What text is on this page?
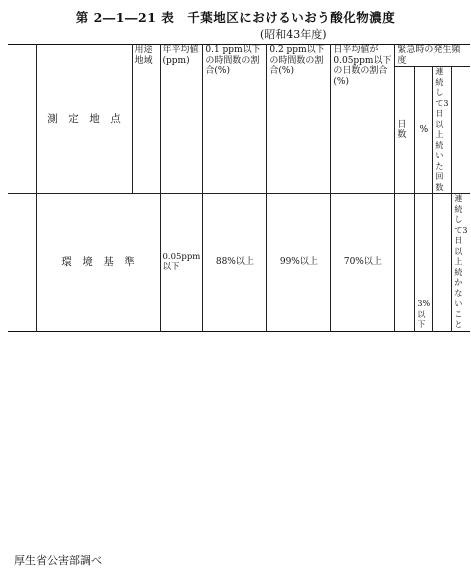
第 2―1―21 表　千葉地区におけるいおう酸化物濃度
(昭和43年度)
	測　定　地　点	用途地域	年平均値(ppm)	0.1 ppm以下の時間数の割合(%)	0.2 ppm以下の時間数の割合(%)	日平均値が0.05ppm以下の日数の割合(%)	緊急時の発生頻度			
							日数	%	連続して3日以上続いた回数	
	環　境　基　準		0.05ppm以下	88%以上	99%以上	70%以上		3%以下		連続して3日以上続かないこと
厚生省公害部調べ
